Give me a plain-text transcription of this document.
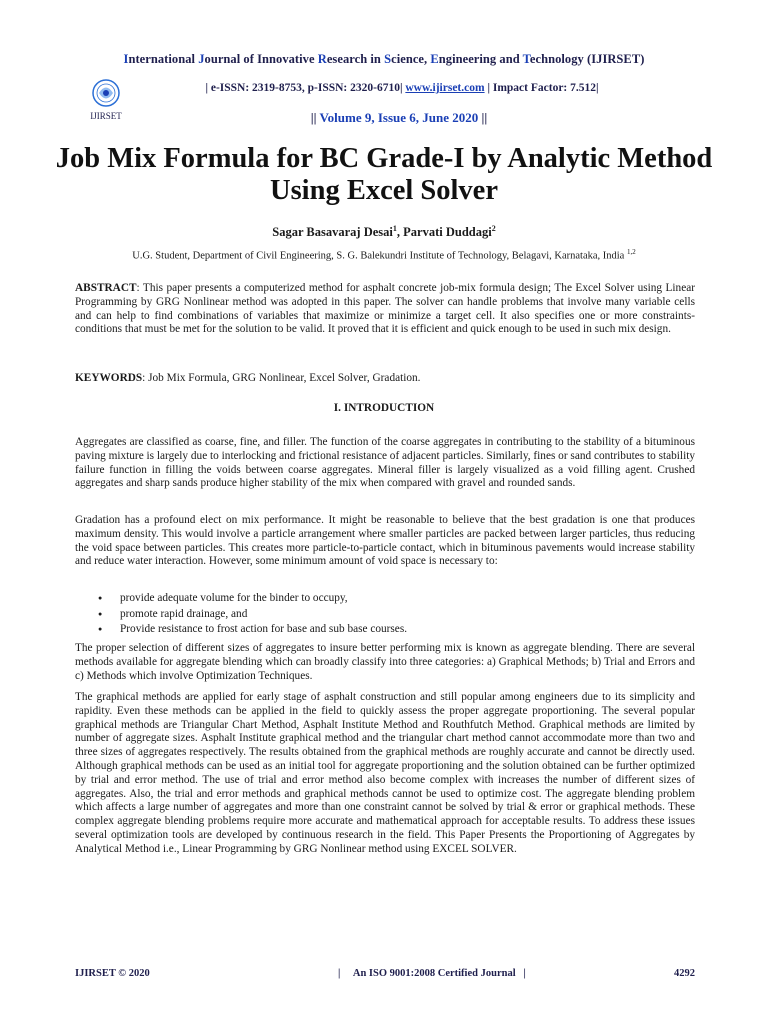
International Journal of Innovative Research in Science, Engineering and Technology (IJIRSET)
IJIRSET
| e-ISSN: 2319-8753, p-ISSN: 2320-6710| www.ijirset.com | Impact Factor: 7.512|
|| Volume 9, Issue 6, June 2020 ||
Job Mix Formula for BC Grade-I by Analytic Method Using Excel Solver
Sagar Basavaraj Desai$^1$, Parvati Duddagi$^2$
U.G. Student, Department of Civil Engineering, S. G. Balekundri Institute of Technology, Belagavi, Karnataka, India $^{1,2}$
ABSTRACT: This paper presents a computerized method for asphalt concrete job-mix formula design; The Excel Solver using Linear Programming by GRG Nonlinear method was adopted in this paper. The solver can handle problems that involve many variable cells and can help to find combinations of variables that maximize or minimize a target cell. It also specifies one or more constraints-conditions that must be met for the solution to be valid. It proved that it is efficient and quick enough to be used in such mix design.
KEYWORDS: Job Mix Formula, GRG Nonlinear, Excel Solver, Gradation.
I. INTRODUCTION
Aggregates are classified as coarse, fine, and filler. The function of the coarse aggregates in contributing to the stability of a bituminous paving mixture is largely due to interlocking and frictional resistance of adjacent particles. Similarly, fines or sand contributes to stability failure function in filling the voids between coarse aggregates. Mineral filler is largely visualized as a void filling agent. Crushed aggregates and sharp sands produce higher stability of the mix when compared with gravel and rounded sands.
Gradation has a profound elect on mix performance. It might be reasonable to believe that the best gradation is one that produces maximum density. This would involve a particle arrangement where smaller particles are packed between larger particles, thus reducing the void space between particles. This creates more particle-to-particle contact, which in bituminous pavements would increase stability and reduce water interaction. However, some minimum amount of void space is necessary to:
● provide adequate volume for the binder to occupy,
● promote rapid drainage, and
● Provide resistance to frost action for base and sub base courses.
The proper selection of different sizes of aggregates to insure better performing mix is known as aggregate blending. There are several methods available for aggregate blending which can broadly classify into three categories: a) Graphical Methods; b) Trial and Errors and c) Methods which involve Optimization Techniques.
The graphical methods are applied for early stage of asphalt construction and still popular among engineers due to its simplicity and rapidity. Even these methods can be applied in the field to quickly assess the proper aggregate proportioning. The several popular graphical methods are Triangular Chart Method, Asphalt Institute Method and Routhfutch Method. Graphical methods are limited by number of aggregate sizes. Asphalt Institute graphical method and the triangular chart method cannot accommodate more than two and three sizes of aggregates respectively. The results obtained from the graphical methods are roughly accurate and cannot be directly used. Although graphical methods can be used as an initial tool for aggregate proportioning and the solution obtained can be further optimized by trial and error method. The use of trial and error method also become complex with increases the number of different sizes of aggregates. Also, the trial and error methods and graphical methods cannot be used to optimize cost. The aggregate blending problem which affects a large number of aggregates and more than one constraint cannot be solved by trial & error or graphical methods. These complex aggregate blending problems require more accurate and mathematical approach for acceptable results. To address these issues several optimization tools are developed by continuous research in the field. This Paper Presents the Proportioning of Aggregates by Analytical Method i.e., Linear Programming by GRG Nonlinear method using EXCEL SOLVER.
IJIRSET © 2020	|     An ISO 9001:2008 Certified Journal   |	4292
